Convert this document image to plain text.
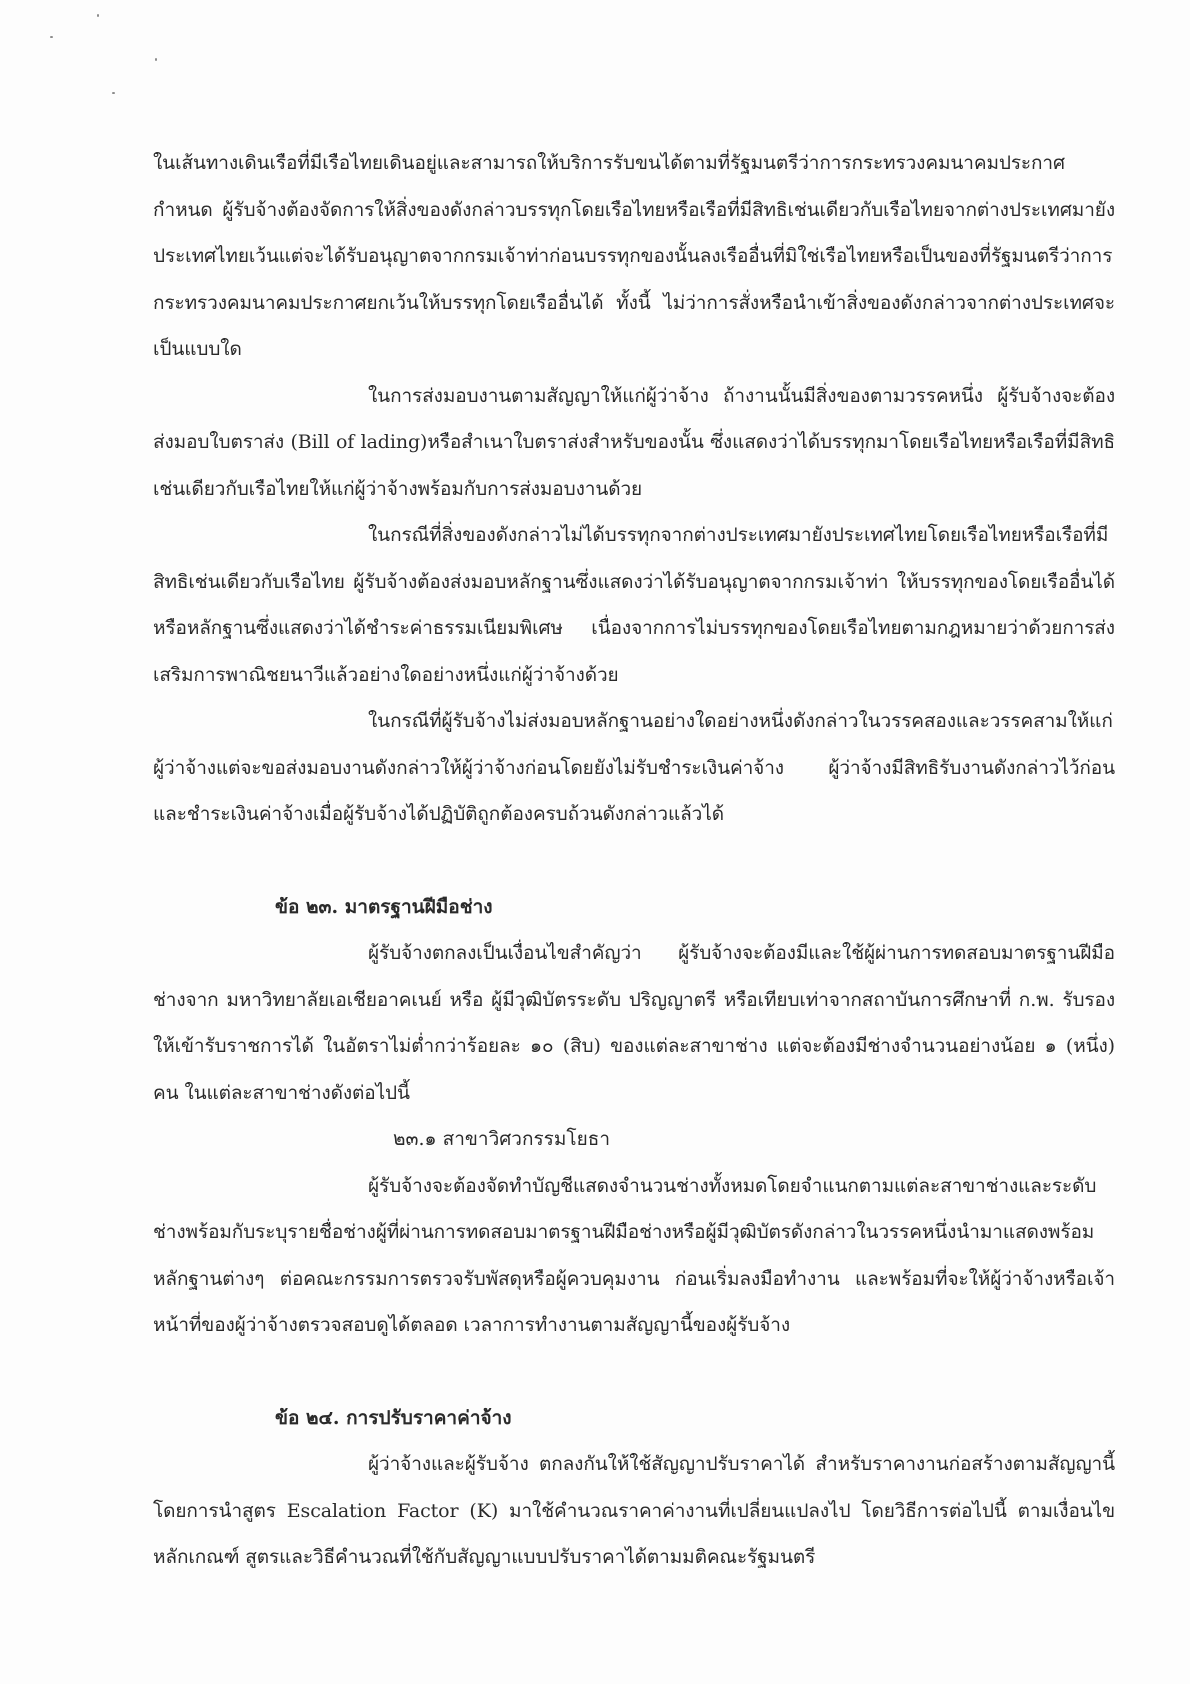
ในเส้นทางเดินเรือที่มีเรือไทยเดินอยู่และสามารถให้บริการรับขนได้ตามที่รัฐมนตรีว่าการกระทรวงคมนาคมประกาศกำหนด ผู้รับจ้างต้องจัดการให้สิ่งของดังกล่าวบรรทุกโดยเรือไทยหรือเรือที่มีสิทธิเช่นเดียวกับเรือไทยจากต่างประเทศมายังประเทศไทยเว้นแต่จะได้รับอนุญาตจากกรมเจ้าท่าก่อนบรรทุกของนั้นลงเรืออื่นที่มิใช่เรือไทยหรือเป็นของที่รัฐมนตรีว่าการกระทรวงคมนาคมประกาศยกเว้นให้บรรทุกโดยเรืออื่นได้ ทั้งนี้ ไม่ว่าการสั่งหรือนำเข้าสิ่งของดังกล่าวจากต่างประเทศจะเป็นแบบใด

ในการส่งมอบงานตามสัญญาให้แก่ผู้ว่าจ้าง ถ้างานนั้นมีสิ่งของตามวรรคหนึ่ง ผู้รับจ้างจะต้องส่งมอบใบตราส่ง (Bill of lading)หรือสำเนาใบตราส่งสำหรับของนั้น ซึ่งแสดงว่าได้บรรทุกมาโดยเรือไทยหรือเรือที่มีสิทธิเช่นเดียวกับเรือไทยให้แก่ผู้ว่าจ้างพร้อมกับการส่งมอบงานด้วย

ในกรณีที่สิ่งของดังกล่าวไม่ได้บรรทุกจากต่างประเทศมายังประเทศไทยโดยเรือไทยหรือเรือที่มีสิทธิเช่นเดียวกับเรือไทย ผู้รับจ้างต้องส่งมอบหลักฐานซึ่งแสดงว่าได้รับอนุญาตจากกรมเจ้าท่า ให้บรรทุกของโดยเรืออื่นได้หรือหลักฐานซึ่งแสดงว่าได้ชำระค่าธรรมเนียมพิเศษ เนื่องจากการไม่บรรทุกของโดยเรือไทยตามกฎหมายว่าด้วยการส่งเสริมการพาณิชยนาวีแล้วอย่างใดอย่างหนึ่งแก่ผู้ว่าจ้างด้วย

ในกรณีที่ผู้รับจ้างไม่ส่งมอบหลักฐานอย่างใดอย่างหนึ่งดังกล่าวในวรรคสองและวรรคสามให้แก่ผู้ว่าจ้างแต่จะขอส่งมอบงานดังกล่าวให้ผู้ว่าจ้างก่อนโดยยังไม่รับชำระเงินค่าจ้าง ผู้ว่าจ้างมีสิทธิรับงานดังกล่าวไว้ก่อน และชำระเงินค่าจ้างเมื่อผู้รับจ้างได้ปฏิบัติถูกต้องครบถ้วนดังกล่าวแล้วได้

ข้อ ๒๓. มาตรฐานฝีมือช่าง

ผู้รับจ้างตกลงเป็นเงื่อนไขสำคัญว่า ผู้รับจ้างจะต้องมีและใช้ผู้ผ่านการทดสอบมาตรฐานฝีมือช่างจาก มหาวิทยาลัยเอเชียอาคเนย์ หรือ ผู้มีวุฒิบัตรระดับ ปริญญาตรี หรือเทียบเท่าจากสถาบันการศึกษาที่ ก.พ. รับรองให้เข้ารับราชการได้ ในอัตราไม่ต่ำกว่าร้อยละ ๑๐ (สิบ) ของแต่ละสาขาช่าง แต่จะต้องมีช่างจำนวนอย่างน้อย ๑ (หนึ่ง) คน ในแต่ละสาขาช่างดังต่อไปนี้

๒๓.๑ สาขาวิศวกรรมโยธา

ผู้รับจ้างจะต้องจัดทำบัญชีแสดงจำนวนช่างทั้งหมดโดยจำแนกตามแต่ละสาขาช่างและระดับช่างพร้อมกับระบุรายชื่อช่างผู้ที่ผ่านการทดสอบมาตรฐานฝีมือช่างหรือผู้มีวุฒิบัตรดังกล่าวในวรรคหนึ่งนำมาแสดงพร้อมหลักฐานต่างๆ ต่อคณะกรรมการตรวจรับพัสดุหรือผู้ควบคุมงาน ก่อนเริ่มลงมือทำงาน และพร้อมที่จะให้ผู้ว่าจ้างหรือเจ้าหน้าที่ของผู้ว่าจ้างตรวจสอบดูได้ตลอด เวลาการทำงานตามสัญญานี้ของผู้รับจ้าง

ข้อ ๒๔. การปรับราคาค่าจ้าง

ผู้ว่าจ้างและผู้รับจ้าง ตกลงกันให้ใช้สัญญาปรับราคาได้ สำหรับราคางานก่อสร้างตามสัญญานี้โดยการนำสูตร Escalation Factor (K) มาใช้คำนวณราคาค่างานที่เปลี่ยนแปลงไป โดยวิธีการต่อไปนี้ ตามเงื่อนไข หลักเกณฑ์ สูตรและวิธีคำนวณที่ใช้กับสัญญาแบบปรับราคาได้ตามมติคณะรัฐมนตรี
